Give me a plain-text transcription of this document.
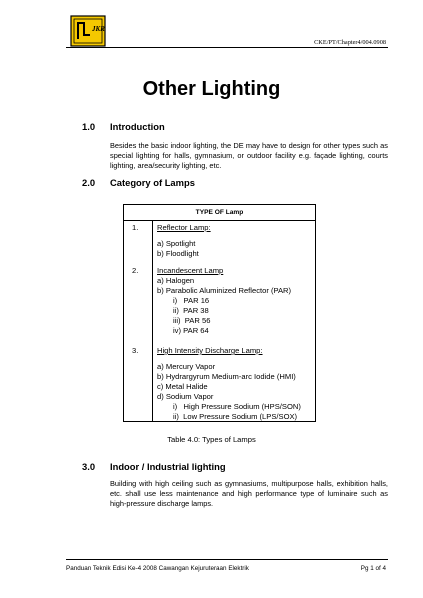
JKR
CKE/PT/Chapter4/004.0908
Other Lighting
1.0 Introduction

Besides the basic indoor lighting, the DE may have to design for other types such as special lighting for halls, gymnasium, or outdoor facility e.g. façade lighting, courts lighting, area/security lighting, etc.

2.0 Category of Lamps
TYPE OF Lamp
1. Reflector Lamp:
a) Spotlight
b) Floodlight
2. Incandescent Lamp
a) Halogen
b) Parabolic Aluminized Reflector (PAR)
i)   PAR 16
ii)  PAR 38
iii)  PAR 56
iv) PAR 64
3. High Intensity Discharge Lamp:
a) Mercury Vapor
b) Hydrargyrum Medium-arc Iodide (HMI)
c) Metal Halide
d) Sodium Vapor
i)   High Pressure Sodium (HPS/SON)
ii)  Low Pressure Sodium (LPS/SOX)
Table 4.0: Types of Lamps
3.0 Indoor / Industrial lighting

Building with high ceiling such as gymnasiums, multipurpose halls, exhibition halls, etc. shall use less maintenance and high performance type of luminaire such as high-pressure discharge lamps.

Panduan Teknik Edisi Ke-4 2008 Cawangan Kejuruteraan Elektrik	Pg 1 of 4
